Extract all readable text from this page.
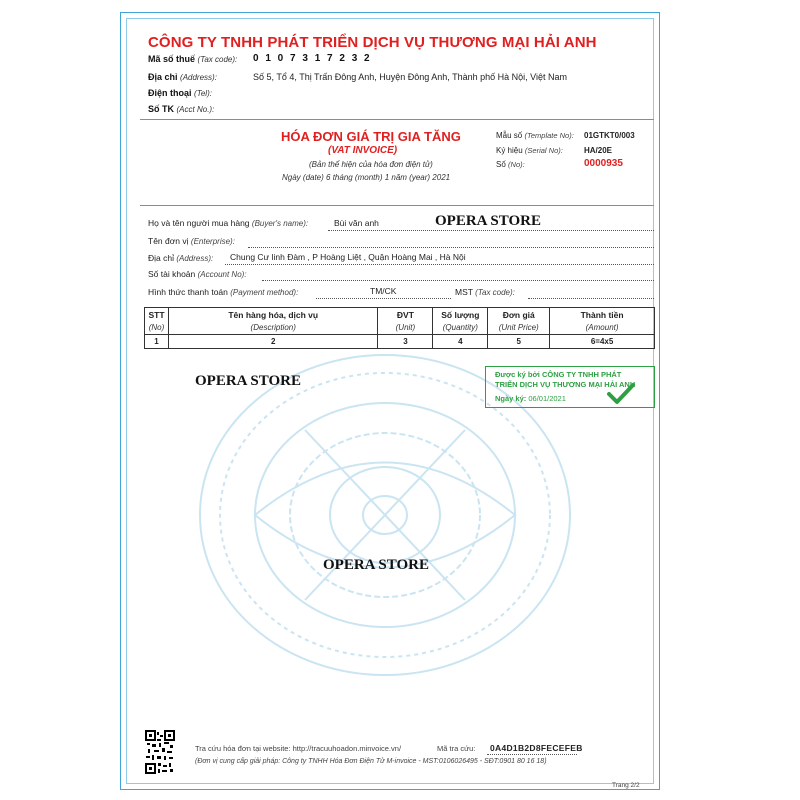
CÔNG TY TNHH PHÁT TRIỂN DỊCH VỤ THƯƠNG MẠI HẢI ANH
Mã số thuế (Tax code): 0 1 0 7 3 1 7 2 3 2
Địa chỉ (Address):	Số 5, Tổ 4, Thị Trấn Đông Anh, Huyện Đông Anh, Thành phố Hà Nội, Việt Nam
Điện thoại (Tel):
Số TK (Acct No.):
HÓA ĐƠN GIÁ TRỊ GIA TĂNG
(VAT INVOICE)
(Bản thể hiện của hóa đơn điện tử)
Ngày (date) 6 tháng (month) 1 năm (year) 2021
Mẫu số (Template No): 01GTKT0/003
Ký hiệu (Serial No):	HA/20E
Số (No):	0000935
Họ và tên người mua hàng (Buyer's name):	Bùi văn anh	OPERA STORE
Tên đơn vị (Enterprise):
Địa chỉ (Address): Chung Cư linh Đàm , P Hoàng Liệt , Quận Hoàng Mai , Hà Nội
Số tài khoản (Account No):
Hình thức thanh toán (Payment method):	TM/CK	MST (Tax code):
STT	Tên hàng hóa, dịch vụ	ĐVT	Số lượng	Đơn giá	Thành tiền
(No)	(Description)	(Unit)	(Quantity)	(Unit Price)	(Amount)
1	2	3	4	5	6=4x5
OPERA STORE
OPERA STORE
Được ký bởi CÔNG TY TNHH PHÁT
TRIỂN DỊCH VỤ THƯƠNG MẠI HẢI ANH
Ngày ký: 06/01/2021
Tra cứu hóa đơn tại website: http://tracuuhoadon.minvoice.vn/	Mã tra cứu: 0A4D1B2D8FECEFEB
(Đơn vị cung cấp giải pháp: Công ty TNHH Hóa Đơn Điện Tử M-invoice - MST:0106026495 - SĐT:0901 80 16 18)
Trang 2/2
